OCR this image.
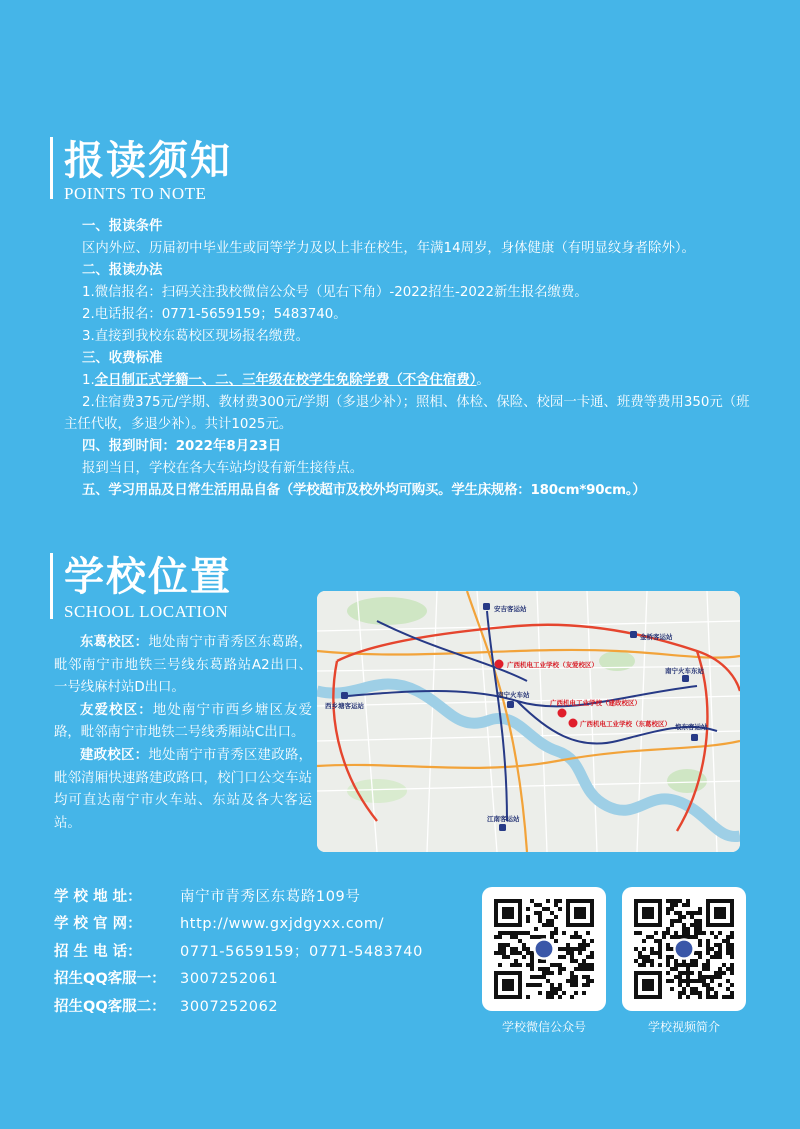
报读须知
POINTS TO NOTE

一、报读条件

区内外应、历届初中毕业生或同等学力及以上非在校生，年满14周岁，身体健康（有明显纹身者除外）。

二、报读办法

1.微信报名：扫码关注我校微信公众号（见右下角）-2022招生-2022新生报名缴费。

2.电话报名：0771-5659159；5483740。

3.直接到我校东葛校区现场报名缴费。

三、收费标准

1.全日制正式学籍一、二、三年级在校学生免除学费（不含住宿费）。

2.住宿费375元/学期、教材费300元/学期（多退少补）；照相、体检、保险、校园一卡通、班费等费用350元（班主任代收，多退少补）。共计1025元。

四、报到时间：2022年8月23日

报到当日，学校在各大车站均设有新生接待点。

五、学习用品及日常生活用品自备（学校超市及校外均可购买。学生床规格：180cm*90cm。）

学校位置
SCHOOL LOCATION

东葛校区：地处南宁市青秀区东葛路，毗邻南宁市地铁三号线东葛路站A2出口、一号线麻村站D出口。

友爱校区：地处南宁市西乡塘区友爱路，毗邻南宁市地铁二号线秀厢站C出口。

建政校区：地处南宁市青秀区建政路，毗邻清厢快速路建政路口，校门口公交车站均可直达南宁市火车站、东站及各大客运站。

安吉客运站
金桥客运站
西乡塘客运站
南宁火车站
南宁火车东站
埌东客运站
江南客运站
广西机电工业学校（友爱校区）
广西机电工业学校（建政校区）
广西机电工业学校（东葛校区）
学 校 地 址：	南宁市青秀区东葛路109号
学 校 官 网：	http://www.gxjdgyxx.com/
招 生 电 话：	0771-5659159；0771-5483740
招生QQ客服一： 3007252061
招生QQ客服二： 3007252062
学校微信公众号	学校视频简介
